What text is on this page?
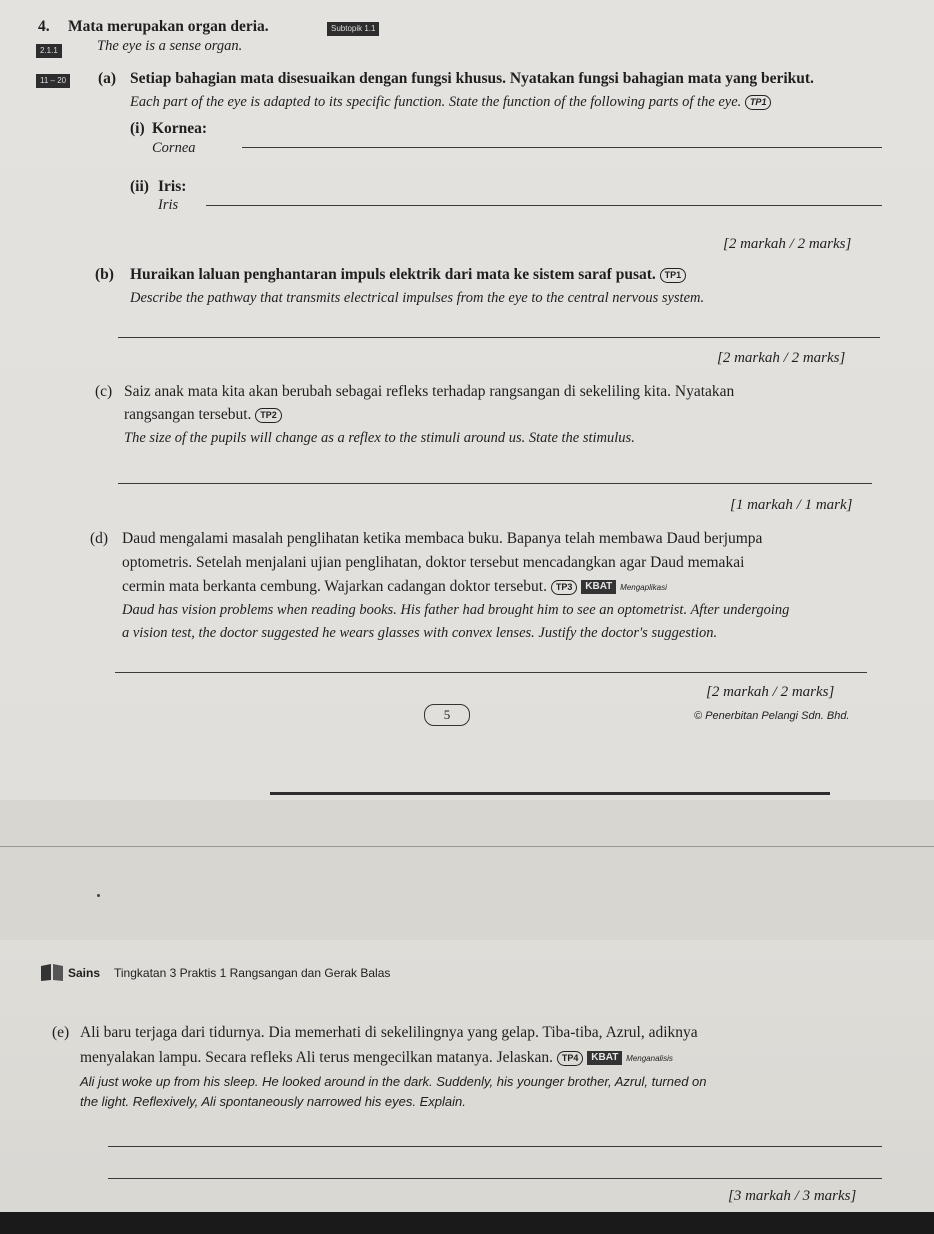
4. Mata merupakan organ deria.	Subtopik 1.1
2.1.1	The eye is a sense organ.
11 – 20 (a) Setiap bahagian mata disesuaikan dengan fungsi khusus. Nyatakan fungsi bahagian mata yang berikut.
Each part of the eye is adapted to its specific function. State the function of the following parts of the eye. TP1
(i) Kornea:
Cornea
(ii) Iris:
Iris
[2 markah / 2 marks]
(b) Huraikan laluan penghantaran impuls elektrik dari mata ke sistem saraf pusat. TP1
Describe the pathway that transmits electrical impulses from the eye to the central nervous system.
[2 markah / 2 marks]
(c) Saiz anak mata kita akan berubah sebagai refleks terhadap rangsangan di sekeliling kita. Nyatakan
rangsangan tersebut. TP2
The size of the pupils will change as a reflex to the stimuli around us. State the stimulus.
[1 markah / 1 mark]
(d) Daud mengalami masalah penglihatan ketika membaca buku. Bapanya telah membawa Daud berjumpa
optometris. Setelah menjalani ujian penglihatan, doktor tersebut mencadangkan agar Daud memakai
cermin mata berkanta cembung. Wajarkan cadangan doktor tersebut. TP3 KBAT Mengaplikasi
Daud has vision problems when reading books. His father had brought him to see an optometrist. After undergoing
a vision test, the doctor suggested he wears glasses with convex lenses. Justify the doctor's suggestion.
[2 markah / 2 marks]
5	© Penerbitan Pelangi Sdn. Bhd.
Sains Tingkatan 3 Praktis 1 Rangsangan dan Gerak Balas
(e) Ali baru terjaga dari tidurnya. Dia memerhati di sekelilingnya yang gelap. Tiba-tiba, Azrul, adiknya
menyalakan lampu. Secara refleks Ali terus mengecilkan matanya. Jelaskan. TP4 KBAT Menganalisis
Ali just woke up from his sleep. He looked around in the dark. Suddenly, his younger brother, Azrul, turned on
the light. Reflexively, Ali spontaneously narrowed his eyes. Explain.
[3 markah / 3 marks]
